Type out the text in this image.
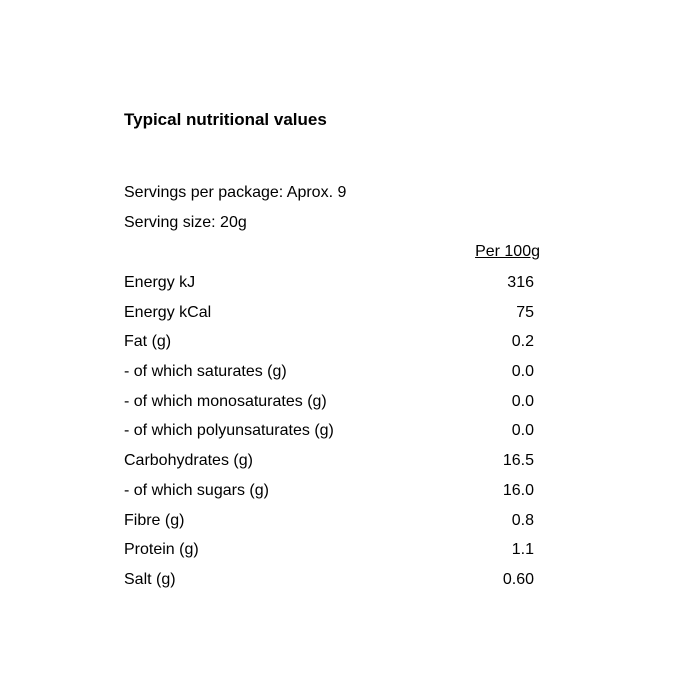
Typical nutritional values
Servings per package: Aprox. 9
Serving size: 20g
Per 100g
Energy kJ	316
Energy kCal	75
Fat (g)	0.2
- of which saturates (g)	0.0
- of which monosaturates (g)	0.0
- of which polyunsaturates (g)	0.0
Carbohydrates (g)	16.5
- of which sugars (g)	16.0
Fibre (g)	0.8
Protein (g)	1.1
Salt (g)	0.60
